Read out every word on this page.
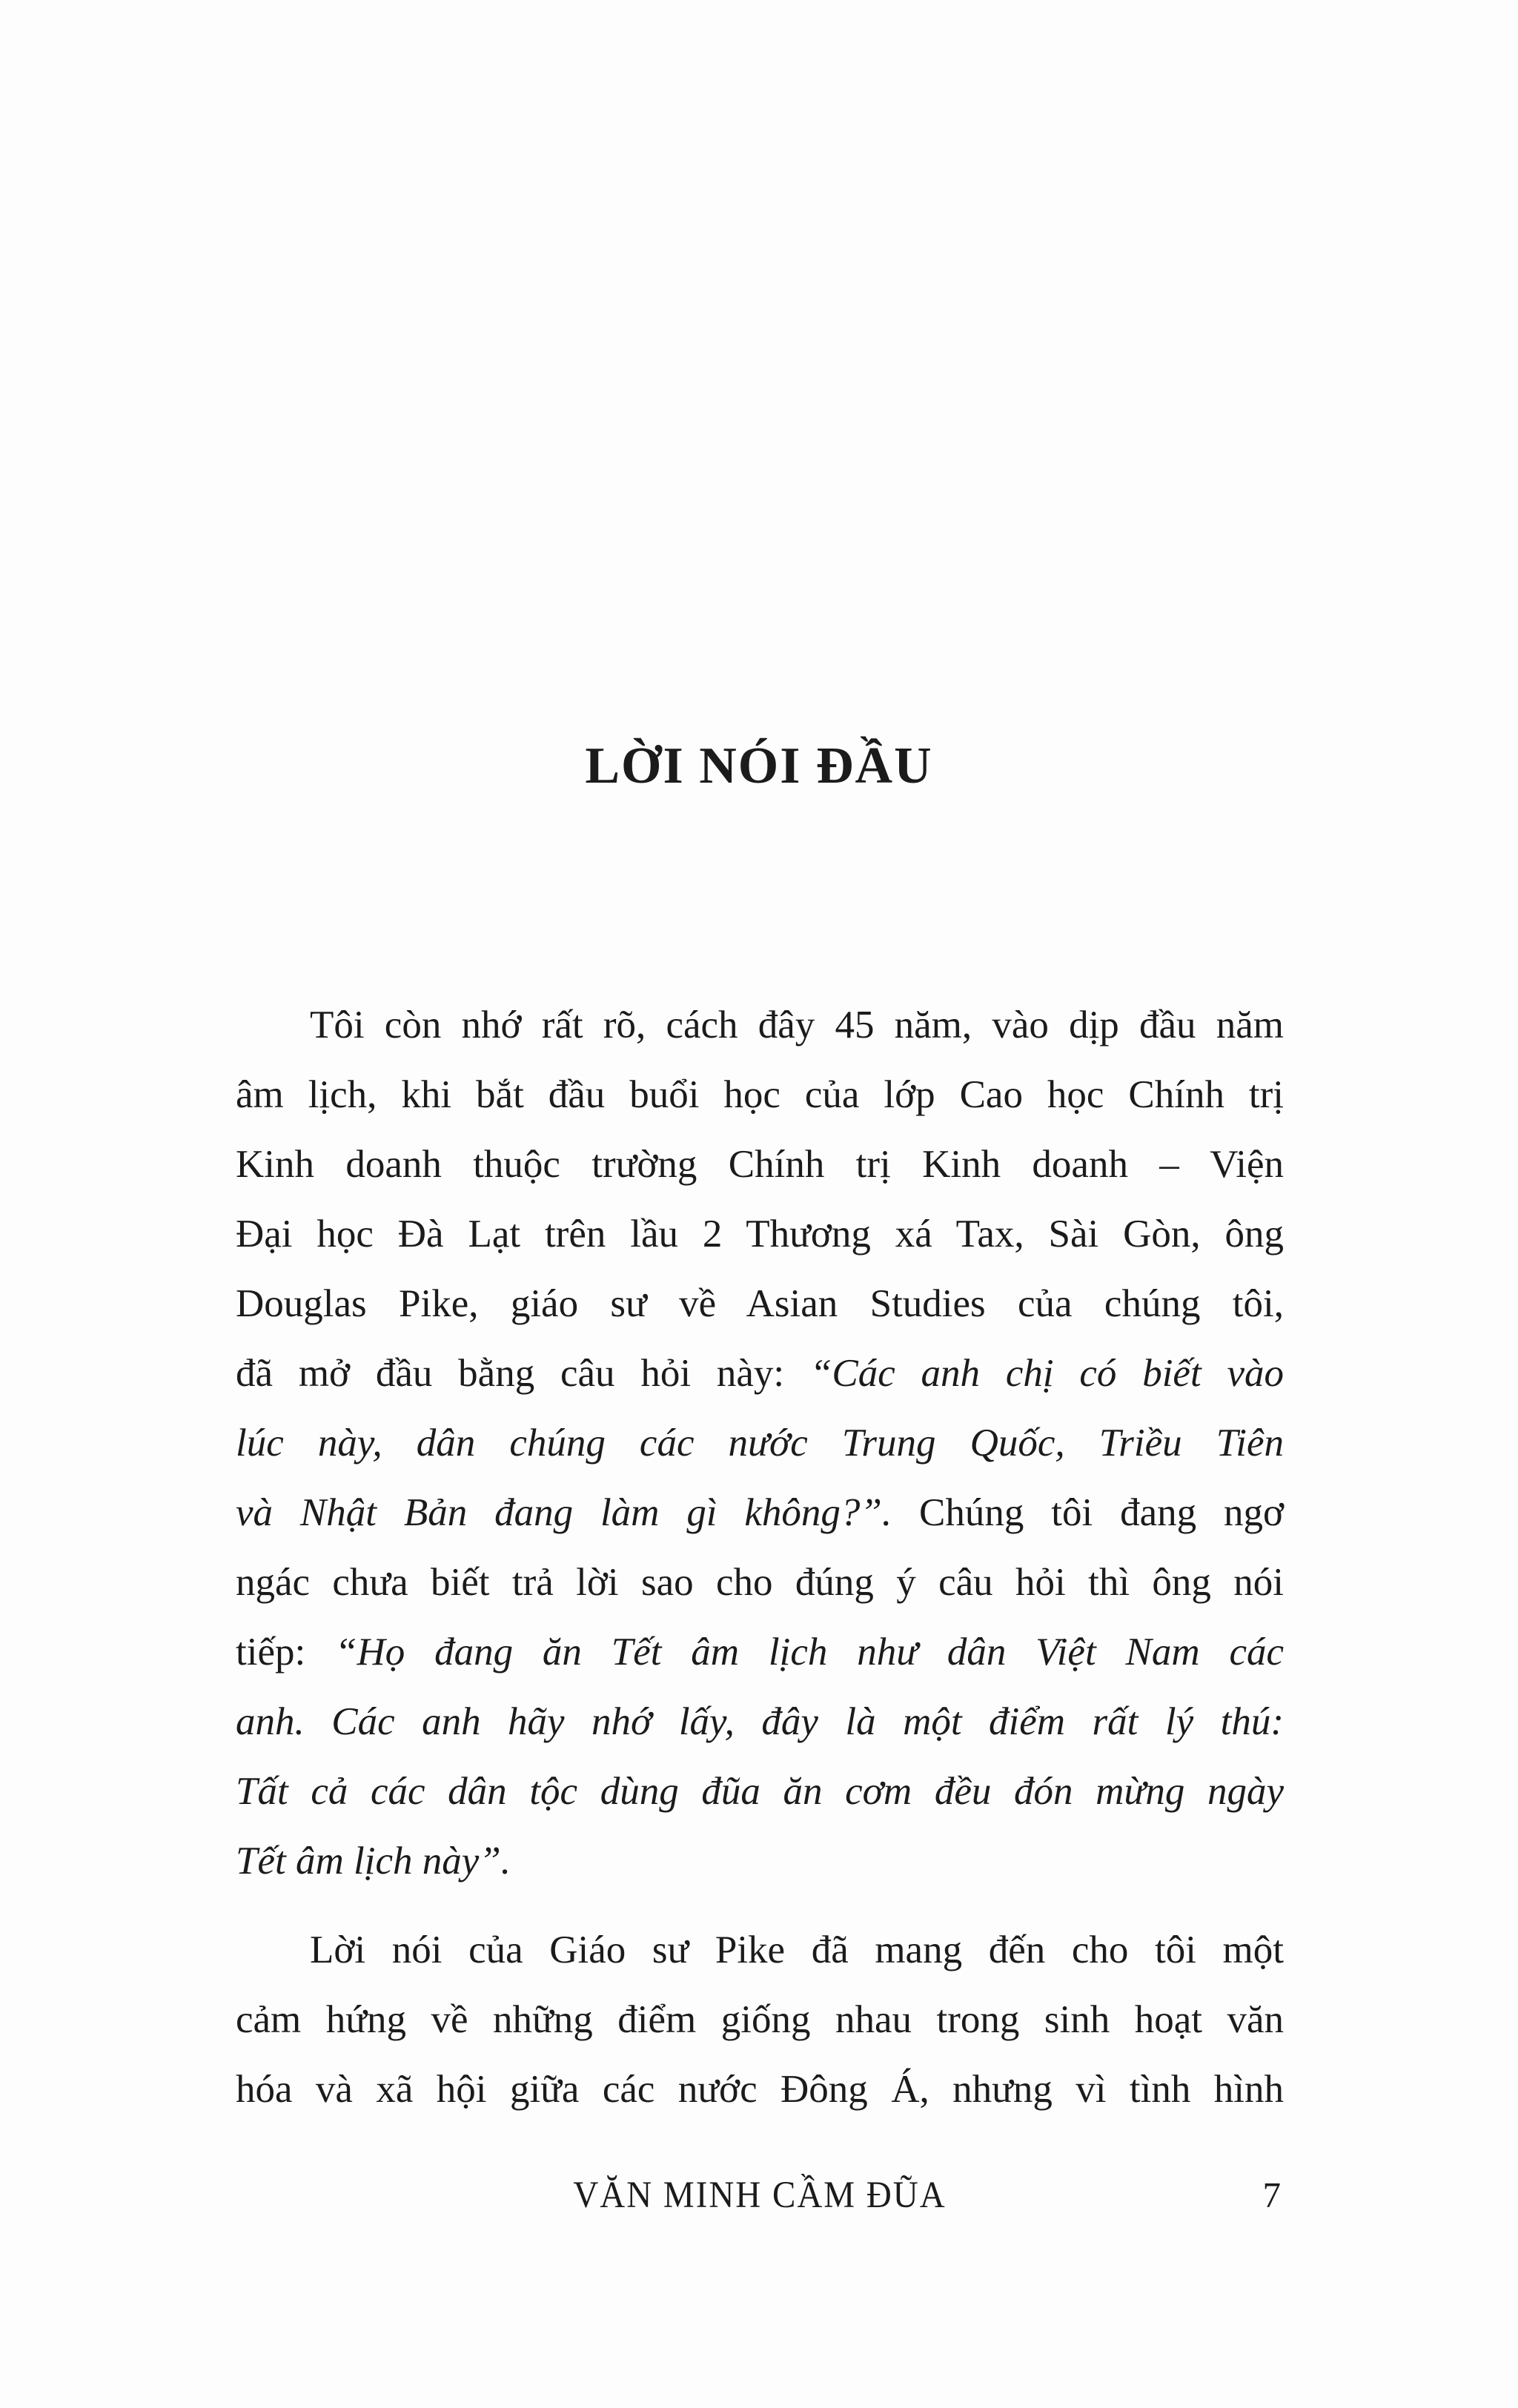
LỜI NÓI ĐẦU
Tôi còn nhớ rất rõ, cách đây 45 năm, vào dịp đầu năm
âm lịch, khi bắt đầu buổi học của lớp Cao học Chính trị
Kinh doanh thuộc trường Chính trị Kinh doanh – Viện
Đại học Đà Lạt trên lầu 2 Thương xá Tax, Sài Gòn, ông
Douglas Pike, giáo sư về Asian Studies của chúng tôi,
đã mở đầu bằng câu hỏi này: “Các anh chị có biết vào
lúc này, dân chúng các nước Trung Quốc, Triều Tiên
và Nhật Bản đang làm gì không?”. Chúng tôi đang ngơ
ngác chưa biết trả lời sao cho đúng ý câu hỏi thì ông nói
tiếp: “Họ đang ăn Tết âm lịch như dân Việt Nam các
anh. Các anh hãy nhớ lấy, đây là một điểm rất lý thú:
Tất cả các dân tộc dùng đũa ăn cơm đều đón mừng ngày
Tết âm lịch này”.
Lời nói của Giáo sư Pike đã mang đến cho tôi một
cảm hứng về những điểm giống nhau trong sinh hoạt văn
hóa và xã hội giữa các nước Đông Á, nhưng vì tình hình
VĂN MINH CẦM ĐŨA	7
